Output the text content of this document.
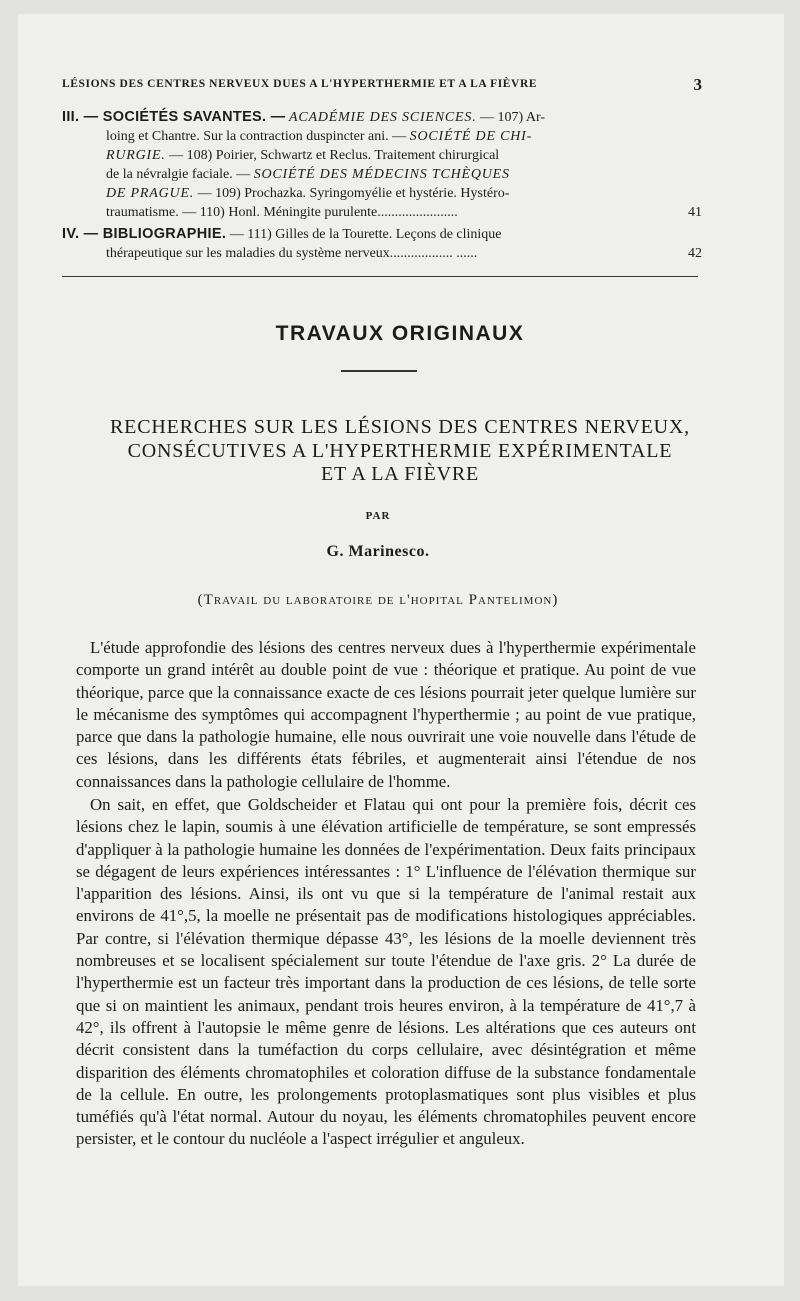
LÉSIONS DES CENTRES NERVEUX DUES A L'HYPERTHERMIE ET A LA FIÈVRE	3
III. — SOCIÉTÉS SAVANTES. — ACADÉMIE DES SCIENCES. — 107) Ar-
loing et Chantre. Sur la contraction duspincter ani. — SOCIÉTÉ DE CHI-
RURGIE. — 108) Poirier, Schwartz et Reclus. Traitement chirurgical
de la névralgie faciale. — SOCIÉTÉ DES MÉDECINS TCHÈQUES
DE PRAGUE. — 109) Prochazka. Syringomyélie et hystérie. Hystéro-
traumatisme. — 110) Honl. Méningite purulente.......................	41
IV. — BIBLIOGRAPHIE. — 111) Gilles de la Tourette. Leçons de clinique
thérapeutique sur les maladies du système nerveux.................. ......	42
TRAVAUX ORIGINAUX
RECHERCHES SUR LES LÉSIONS DES CENTRES NERVEUX,
CONSÉCUTIVES A L'HYPERTHERMIE EXPÉRIMENTALE
ET A LA FIÈVRE
PAR
G. Marinesco.
(Travail du laboratoire de l'hopital Pantelimon)

L'étude approfondie des lésions des centres nerveux dues à l'hyperthermie expérimentale comporte un grand intérêt au double point de vue : théorique et pratique. Au point de vue théorique, parce que la connaissance exacte de ces lésions pourrait jeter quelque lumière sur le mécanisme des symptômes qui accompagnent l'hyperthermie ; au point de vue pratique, parce que dans la pathologie humaine, elle nous ouvrirait une voie nouvelle dans l'étude de ces lésions, dans les différents états fébriles, et augmenterait ainsi l'étendue de nos connaissances dans la pathologie cellulaire de l'homme.

On sait, en effet, que Goldscheider et Flatau qui ont pour la première fois, décrit ces lésions chez le lapin, soumis à une élévation artificielle de température, se sont empressés d'appliquer à la pathologie humaine les données de l'expérimentation. Deux faits principaux se dégagent de leurs expériences intéressantes : 1° L'influence de l'élévation thermique sur l'apparition des lésions. Ainsi, ils ont vu que si la température de l'animal restait aux environs de 41°,5, la moelle ne présentait pas de modifications histologiques appréciables. Par contre, si l'élévation thermique dépasse 43°, les lésions de la moelle deviennent très nombreuses et se localisent spécialement sur toute l'étendue de l'axe gris. 2° La durée de l'hyperthermie est un facteur très important dans la production de ces lésions, de telle sorte que si on maintient les animaux, pendant trois heures environ, à la température de 41°,7 à 42°, ils offrent à l'autopsie le même genre de lésions. Les altérations que ces auteurs ont décrit consistent dans la tuméfaction du corps cellulaire, avec désintégration et même disparition des éléments chromatophiles et coloration diffuse de la substance fondamentale de la cellule. En outre, les prolongements protoplasmatiques sont plus visibles et plus tuméfiés qu'à l'état normal. Autour du noyau, les éléments chromatophiles peuvent encore persister, et le contour du nucléole a l'aspect irrégulier et anguleux.
